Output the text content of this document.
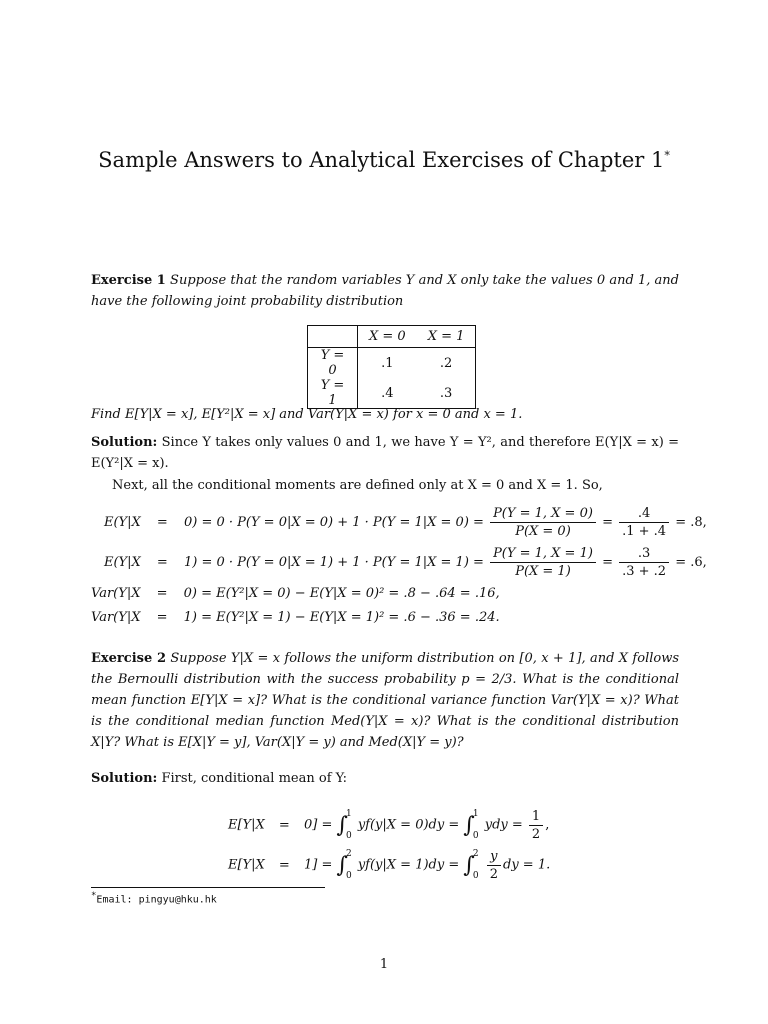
Sample Answers to Analytical Exercises of Chapter 1*
Exercise 1 Suppose that the random variables Y and X only take the values 0 and 1, and have the following joint probability distribution
	X = 0	X = 1
Y = 0	.1	.2
Y = 1	.4	.3
Find E[Y|X = x], E[Y²|X = x] and Var(Y|X = x) for x = 0 and x = 1.
Solution: Since Y takes only values 0 and 1, we have Y = Y², and therefore E(Y|X = x) = E(Y²|X = x).
Next, all the conditional moments are defined only at X = 0 and X = 1. So,
$E(Y|X = 0) = 0 \cdot P(Y = 0|X = 0) + 1 \cdot P(Y = 1|X = 0) = \frac{P(Y = 1, X = 0)}{P(X = 0)} = \frac{.4}{.1 + .4} = .8$,
$E(Y|X = 1) = 0 \cdot P(Y = 0|X = 1) + 1 \cdot P(Y = 1|X = 1) = \frac{P(Y = 1, X = 1)}{P(X = 1)} = \frac{.3}{.3 + .2} = .6$,
Var(Y|X = 0) = E(Y²|X = 0) − E(Y|X = 0)² = .8 − .64 = .16,
Var(Y|X = 1) = E(Y²|X = 1) − E(Y|X = 1)² = .6 − .36 = .24.
Exercise 2 Suppose Y|X = x follows the uniform distribution on [0, x + 1], and X follows the Bernoulli distribution with the success probability p = 2/3. What is the conditional mean function E[Y|X = x]? What is the conditional variance function Var(Y|X = x)? What is the conditional median function Med(Y|X = x)? What is the conditional distribution X|Y? What is E[X|Y = y], Var(X|Y = y) and Med(X|Y = y)?
Solution: First, conditional mean of Y:
E[Y|X = 0] = ∫
1
0
yf(y|X = 0)dy = ∫
1
0
ydy = $\frac{1}{2}$ ,
E[Y|X = 1] = ∫
2
0
yf(y|X = 1)dy = ∫
2
0
$\frac{y}{2}$ dy = 1.
*Email: pingyu@hku.hk
1
